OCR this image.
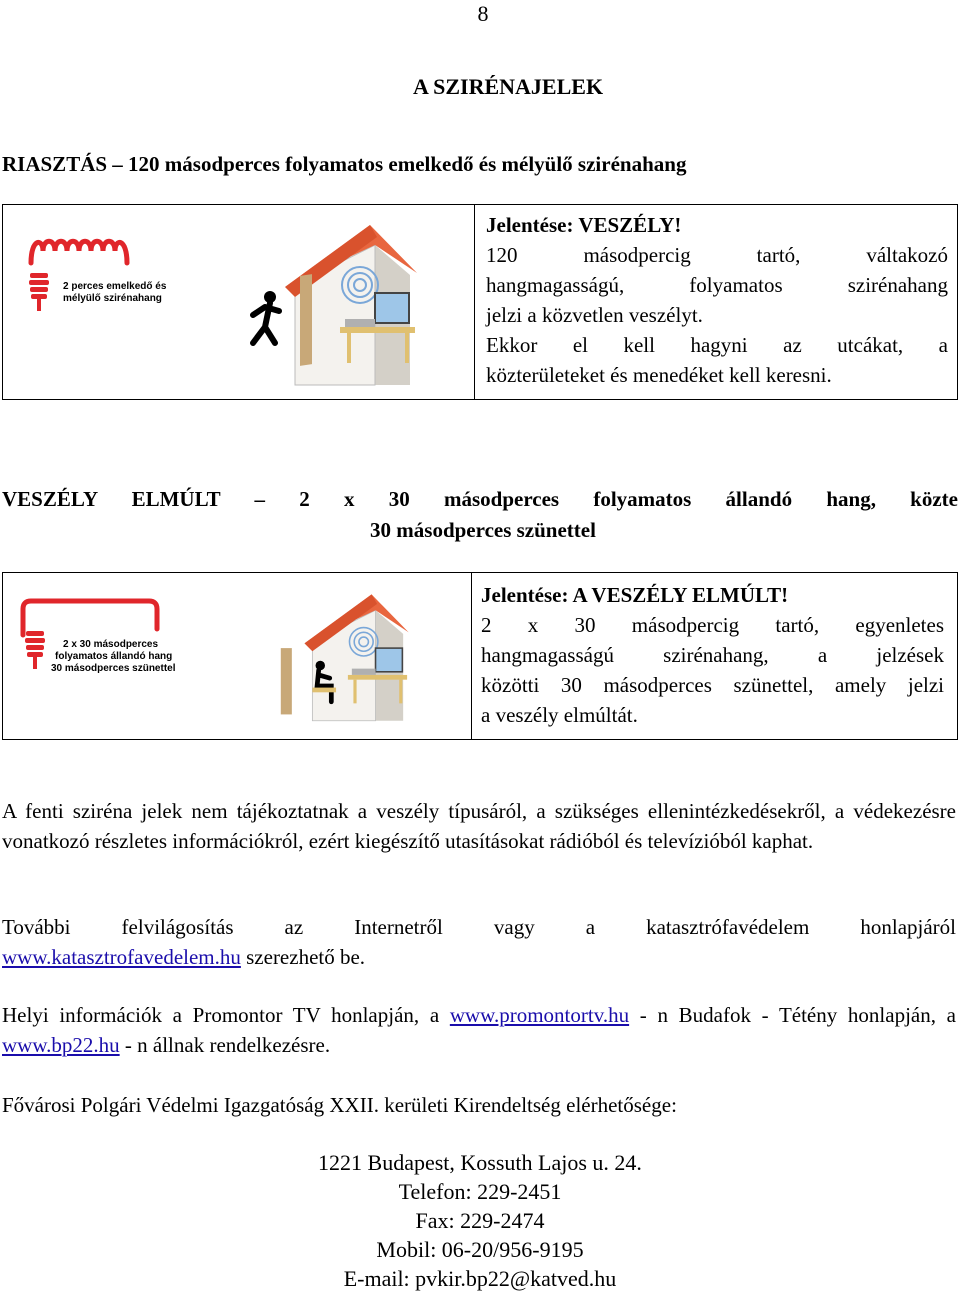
8
A SZIRÉNAJELEK
RIASZTÁS – 120 másodperces folyamatos emelkedő és mélyülő szirénahang
2 perces emelkedő és
mélyülő szirénahang
Jelentése: VESZÉLY!
120 másodpercig tartó, váltakozó
hangmagasságú, folyamatos szirénahang
jelzi a közvetlen veszélyt.
Ekkor el kell hagyni az utcákat, a
közterületeket és menedéket kell keresni.
VESZÉLY ELMÚLT – 2 x 30 másodperces folyamatos állandó hang, közte
30 másodperces szünettel
2 x 30 másodperces
folyamatos állandó hang
30 másodperces szünettel
Jelentése: A VESZÉLY ELMÚLT!
2 x 30 másodpercig tartó, egyenletes
hangmagasságú szirénahang, a jelzések
közötti 30 másodperces szünettel, amely jelzi
a veszély elmúltát.
A fenti sziréna jelek nem tájékoztatnak a veszély típusáról, a szükséges ellenintézkedésekről, a védekezésre vonatkozó részletes információkról, ezért kiegészítő utasításokat rádióból és televízióból kaphat.
További felvilágosítás az Internetről vagy a katasztrófavédelem honlapjáról
www.katasztrofavedelem.hu szerezhető be.
Helyi információk a Promontor TV honlapján, a www.promontortv.hu - n Budafok - Tétény honlapján, a www.bp22.hu - n állnak rendelkezésre.
Fővárosi Polgári Védelmi Igazgatóság XXII. kerületi Kirendeltség elérhetősége:
1221 Budapest, Kossuth Lajos u. 24.
Telefon: 229-2451
Fax: 229-2474
Mobil: 06-20/956-9195
E-mail: pvkir.bp22@katved.hu
